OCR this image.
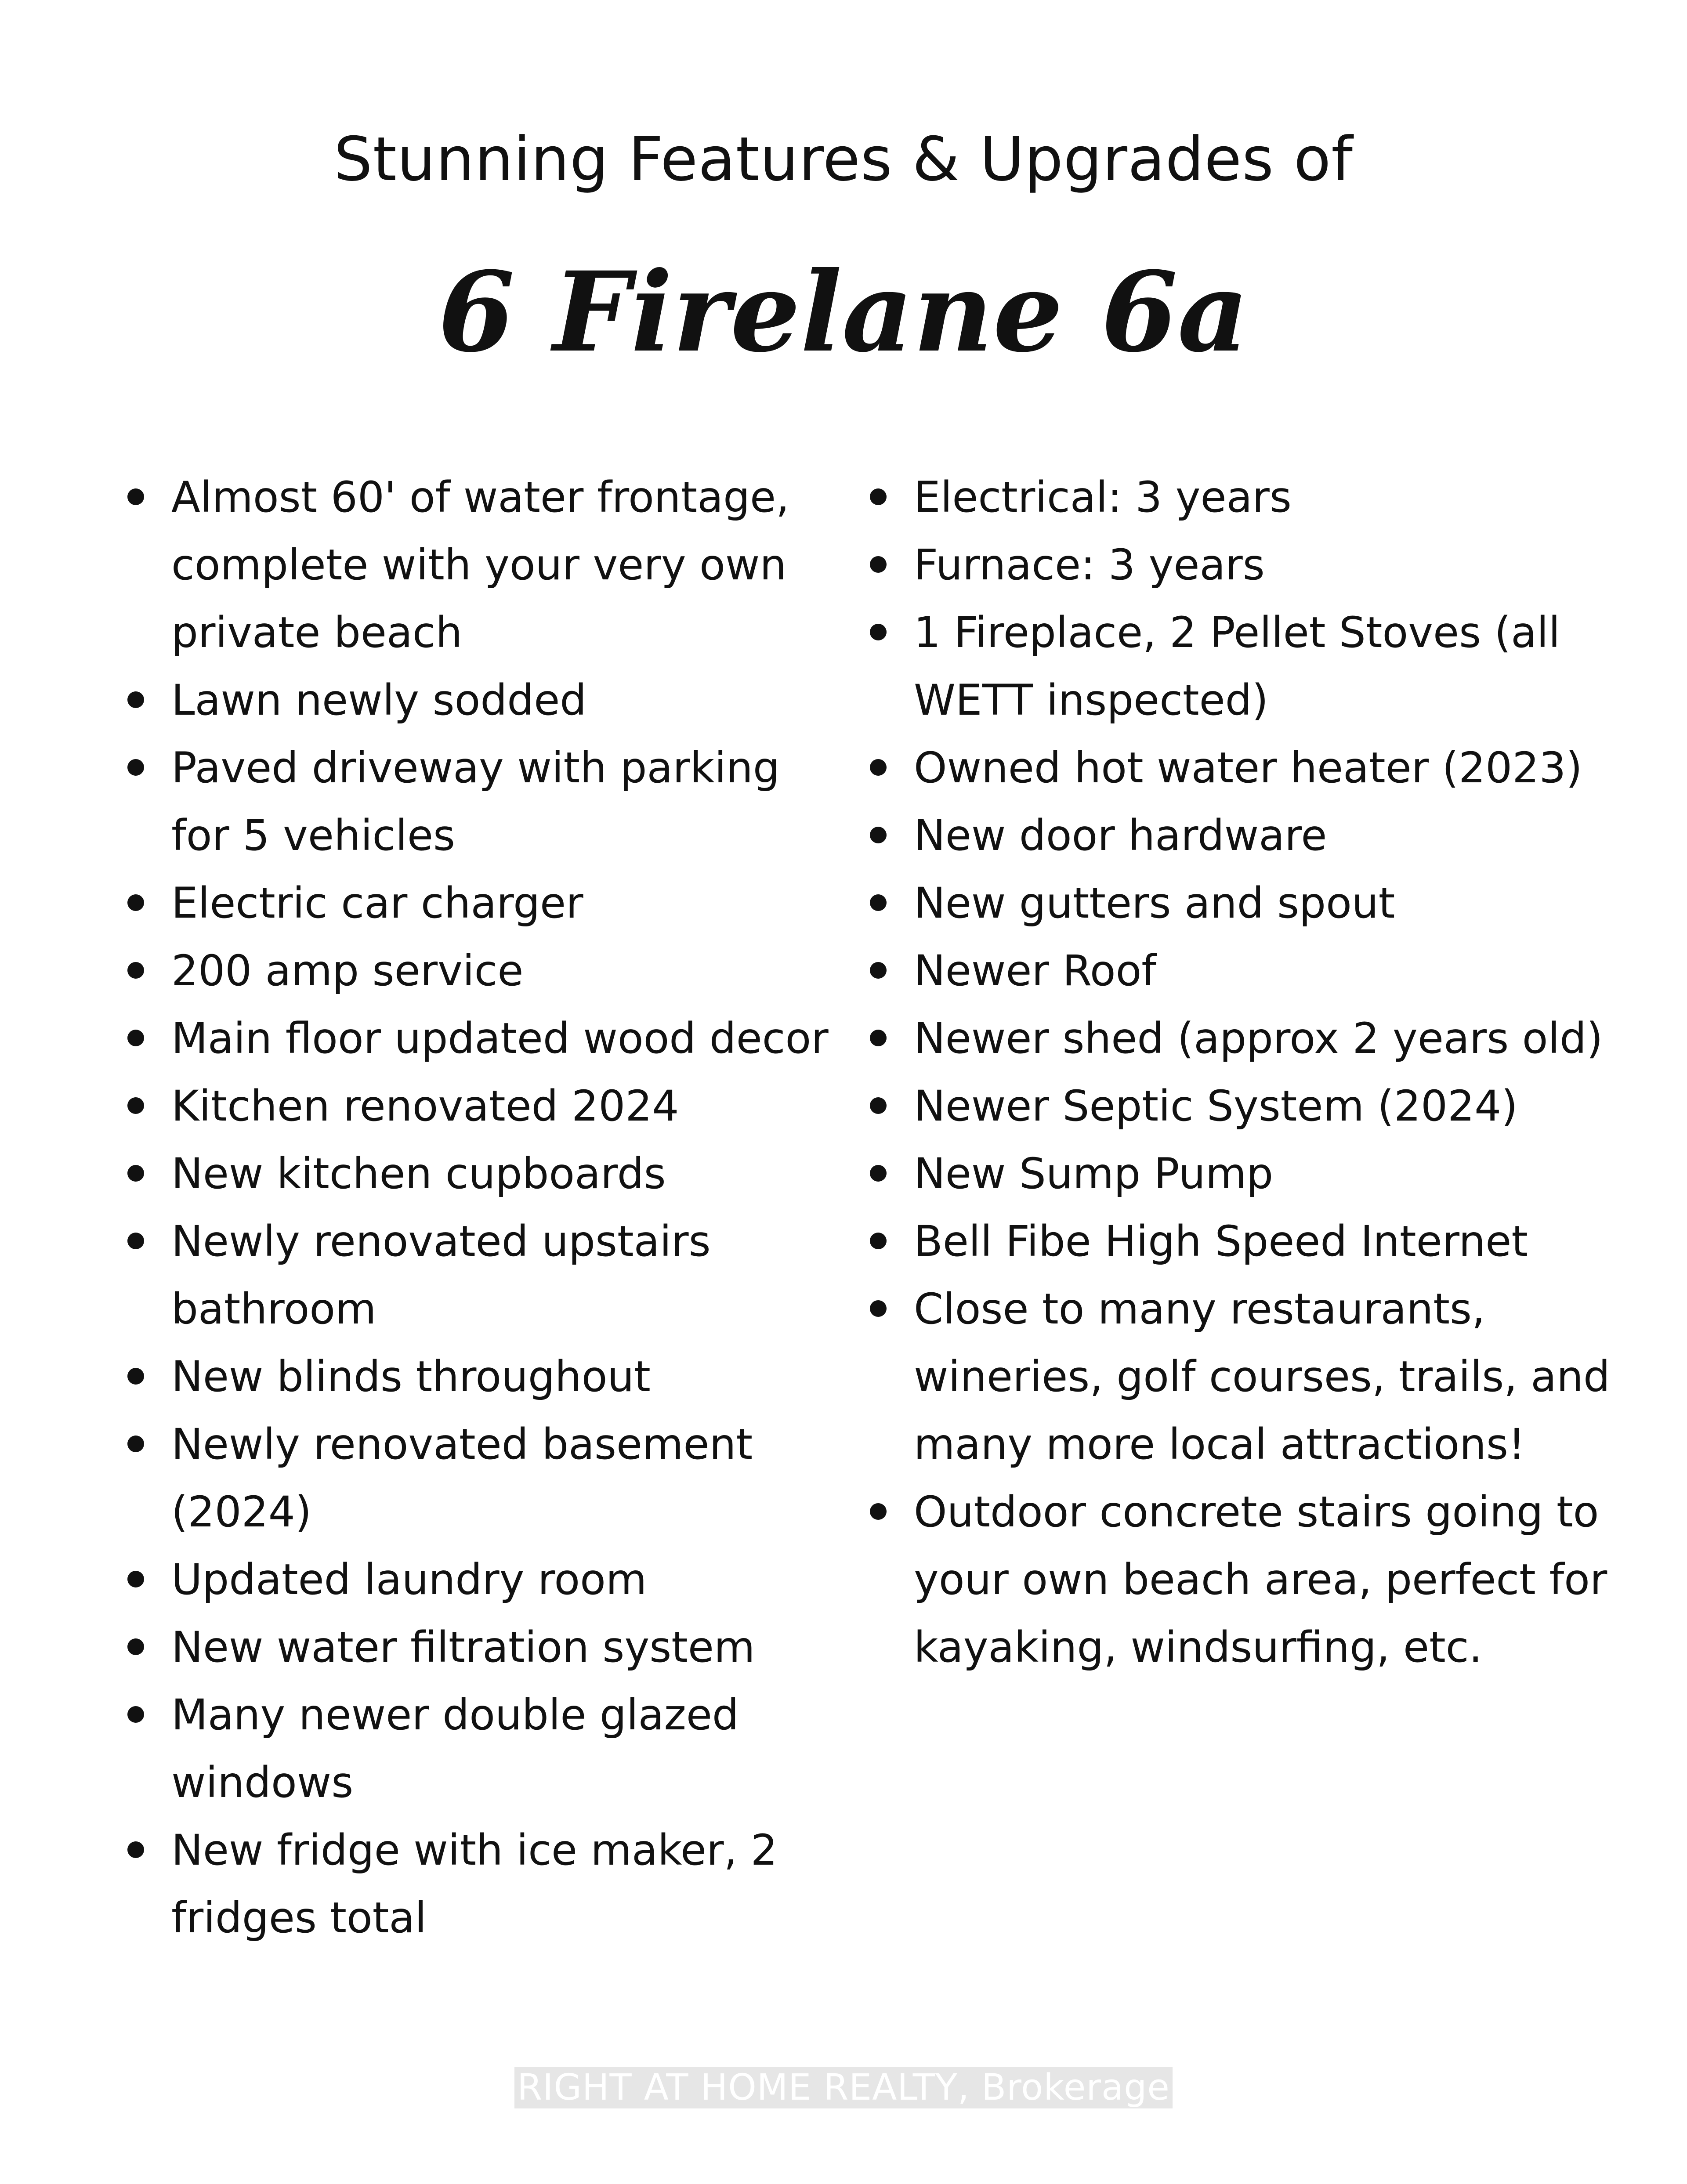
Stunning Features & Upgrades of
6 Firelane 6a
Almost 60' of water frontage, complete with your very own private beach
Lawn newly sodded
Paved driveway with parking for 5 vehicles
Electric car charger
200 amp service
Main floor updated wood decor
Kitchen renovated 2024
New kitchen cupboards
Newly renovated upstairs bathroom
New blinds throughout
Newly renovated basement (2024)
Updated laundry room
New water filtration system
Many newer double glazed windows
New fridge with ice maker, 2 fridges total
Electrical: 3 years
Furnace: 3 years
1 Fireplace, 2 Pellet Stoves (all WETT inspected)
Owned hot water heater (2023)
New door hardware
New gutters and spout
Newer Roof
Newer shed (approx 2 years old)
Newer Septic System (2024)
New Sump Pump
Bell Fibe High Speed Internet
Close to many restaurants, wineries, golf courses, trails, and many more local attractions!
Outdoor concrete stairs going to your own beach area, perfect for kayaking, windsurfing, etc.
RIGHT AT HOME REALTY, Brokerage
